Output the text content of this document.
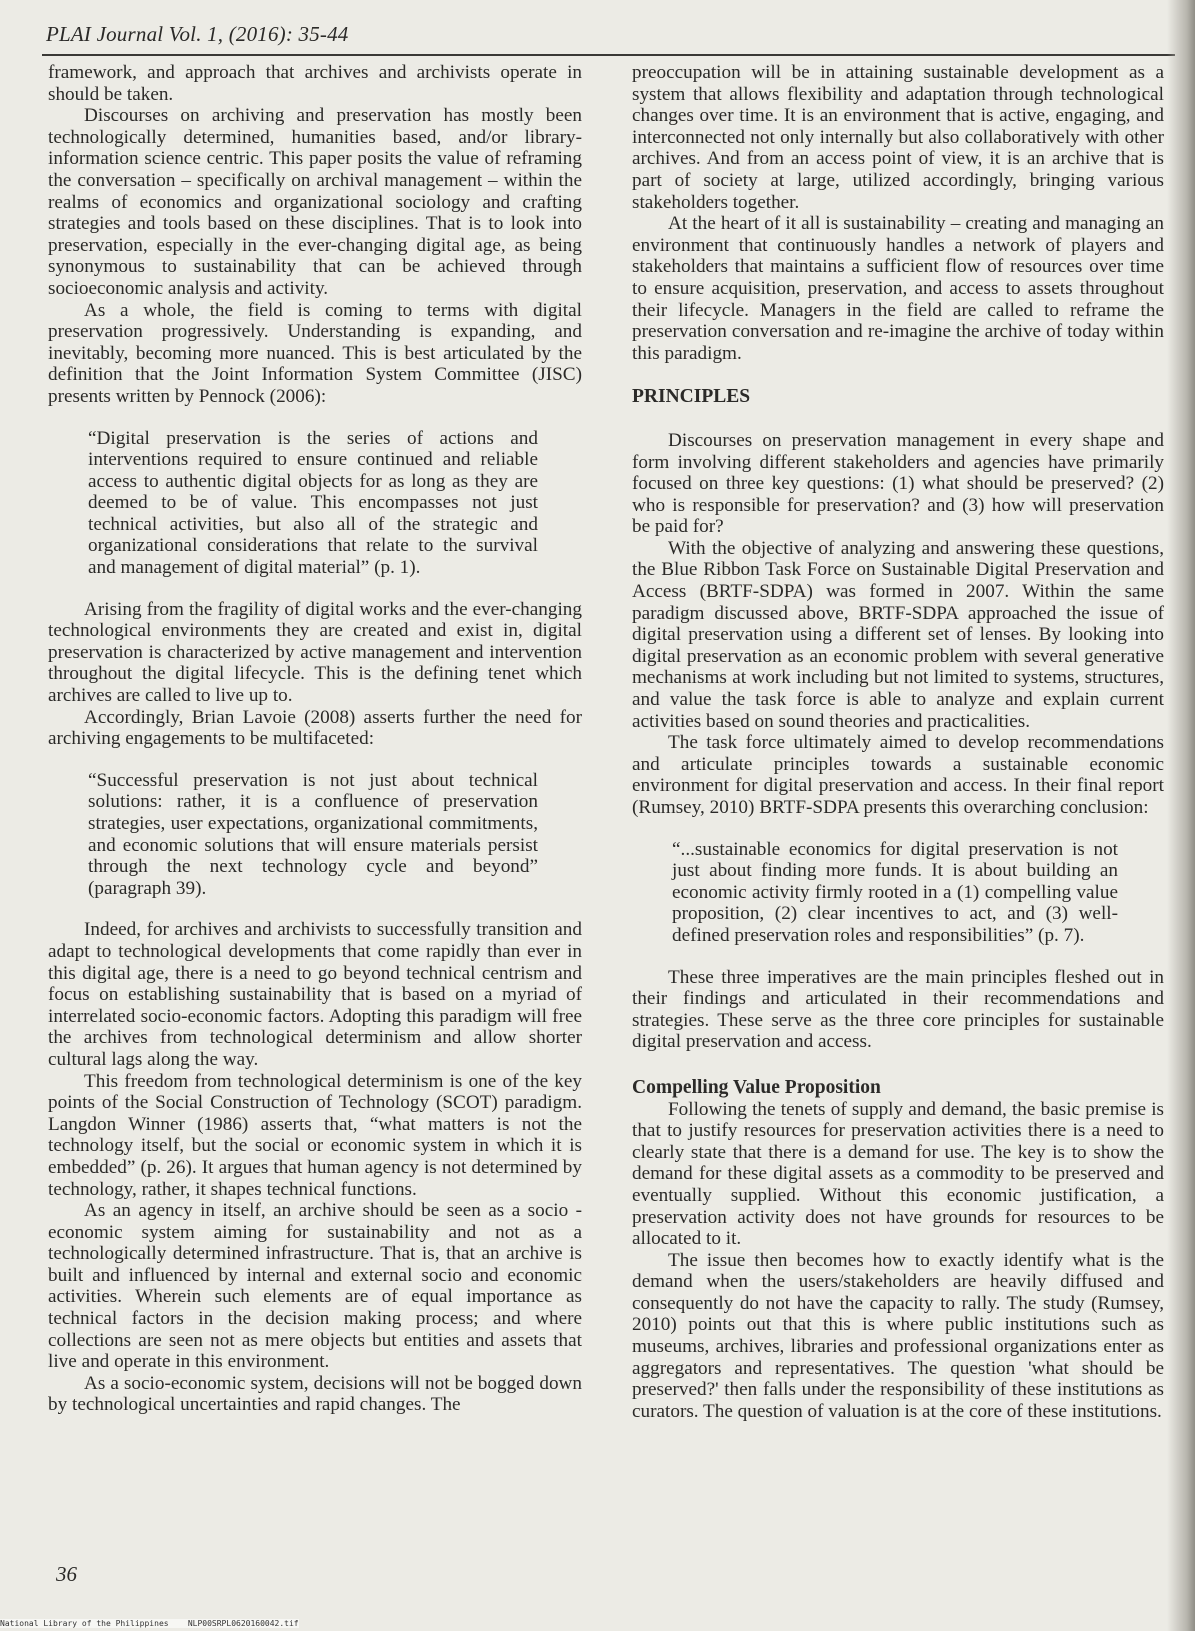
PLAI Journal Vol. 1, (2016): 35-44

framework, and approach that archives and archivists operate in should be taken.

Discourses on archiving and preservation has mostly been technologically determined, humanities based, and/or library-information science centric. This paper posits the value of reframing the conversation – specifically on archival management – within the realms of economics and organizational sociology and crafting strategies and tools based on these disciplines. That is to look into preservation, especially in the ever-changing digital age, as being synonymous to sustainability that can be achieved through socioeconomic analysis and activity.

As a whole, the field is coming to terms with digital preservation progressively. Understanding is expanding, and inevitably, becoming more nuanced. This is best articulated by the definition that the Joint Information System Committee (JISC) presents written by Pennock (2006):

“Digital preservation is the series of actions and interventions required to ensure continued and reliable access to authentic digital objects for as long as they are deemed to be of value. This encompasses not just technical activities, but also all of the strategic and organizational considerations that relate to the survival and management of digital material” (p. 1).

Arising from the fragility of digital works and the ever-changing technological environments they are created and exist in, digital preservation is characterized by active management and intervention throughout the digital lifecycle. This is the defining tenet which archives are called to live up to.

Accordingly, Brian Lavoie (2008) asserts further the need for archiving engagements to be multifaceted:

“Successful preservation is not just about technical solutions: rather, it is a confluence of preservation strategies, user expectations, organizational commitments, and economic solutions that will ensure materials persist through the next technology cycle and beyond” (paragraph 39).

Indeed, for archives and archivists to successfully transition and adapt to technological developments that come rapidly than ever in this digital age, there is a need to go beyond technical centrism and focus on establishing sustainability that is based on a myriad of interrelated socio-economic factors. Adopting this paradigm will free the archives from technological determinism and allow shorter cultural lags along the way.

This freedom from technological determinism is one of the key points of the Social Construction of Technology (SCOT) paradigm. Langdon Winner (1986) asserts that, “what matters is not the technology itself, but the social or economic system in which it is embedded” (p. 26). It argues that human agency is not determined by technology, rather, it shapes technical functions.

As an agency in itself, an archive should be seen as a socio -economic system aiming for sustainability and not as a technologically determined infrastructure. That is, that an archive is built and influenced by internal and external socio and economic activities. Wherein such elements are of equal importance as technical factors in the decision making process; and where collections are seen not as mere objects but entities and assets that live and operate in this environment.

As a socio-economic system, decisions will not be bogged down by technological uncertainties and rapid changes. The

preoccupation will be in attaining sustainable development as a system that allows flexibility and adaptation through technological changes over time. It is an environment that is active, engaging, and interconnected not only internally but also collaboratively with other archives. And from an access point of view, it is an archive that is part of society at large, utilized accordingly, bringing various stakeholders together.

At the heart of it all is sustainability – creating and managing an environment that continuously handles a network of players and stakeholders that maintains a sufficient flow of resources over time to ensure acquisition, preservation, and access to assets throughout their lifecycle. Managers in the field are called to reframe the preservation conversation and re-imagine the archive of today within this paradigm.

PRINCIPLES

Discourses on preservation management in every shape and form involving different stakeholders and agencies have primarily focused on three key questions: (1) what should be preserved? (2) who is responsible for preservation? and (3) how will preservation be paid for?

With the objective of analyzing and answering these questions, the Blue Ribbon Task Force on Sustainable Digital Preservation and Access (BRTF-SDPA) was formed in 2007. Within the same paradigm discussed above, BRTF-SDPA approached the issue of digital preservation using a different set of lenses. By looking into digital preservation as an economic problem with several generative mechanisms at work including but not limited to systems, structures, and value the task force is able to analyze and explain current activities based on sound theories and practicalities.

The task force ultimately aimed to develop recommendations and articulate principles towards a sustainable economic environment for digital preservation and access. In their final report (Rumsey, 2010) BRTF-SDPA presents this overarching conclusion:

“...sustainable economics for digital preservation is not just about finding more funds. It is about building an economic activity firmly rooted in a (1) compelling value proposition, (2) clear incentives to act, and (3) well-defined preservation roles and responsibilities” (p. 7).

These three imperatives are the main principles fleshed out in their findings and articulated in their recommendations and strategies. These serve as the three core principles for sustainable digital preservation and access.

Compelling Value Proposition

Following the tenets of supply and demand, the basic premise is that to justify resources for preservation activities there is a need to clearly state that there is a demand for use. The key is to show the demand for these digital assets as a commodity to be preserved and eventually supplied. Without this economic justification, a preservation activity does not have grounds for resources to be allocated to it.

The issue then becomes how to exactly identify what is the demand when the users/stakeholders are heavily diffused and consequently do not have the capacity to rally. The study (Rumsey, 2010) points out that this is where public institutions such as museums, archives, libraries and professional organizations enter as aggregators and representatives. The question 'what should be preserved?' then falls under the responsibility of these institutions as curators. The question of valuation is at the core of these institutions.

36
National Library of the Philippines    NLP00SRPL0620160042.tif
